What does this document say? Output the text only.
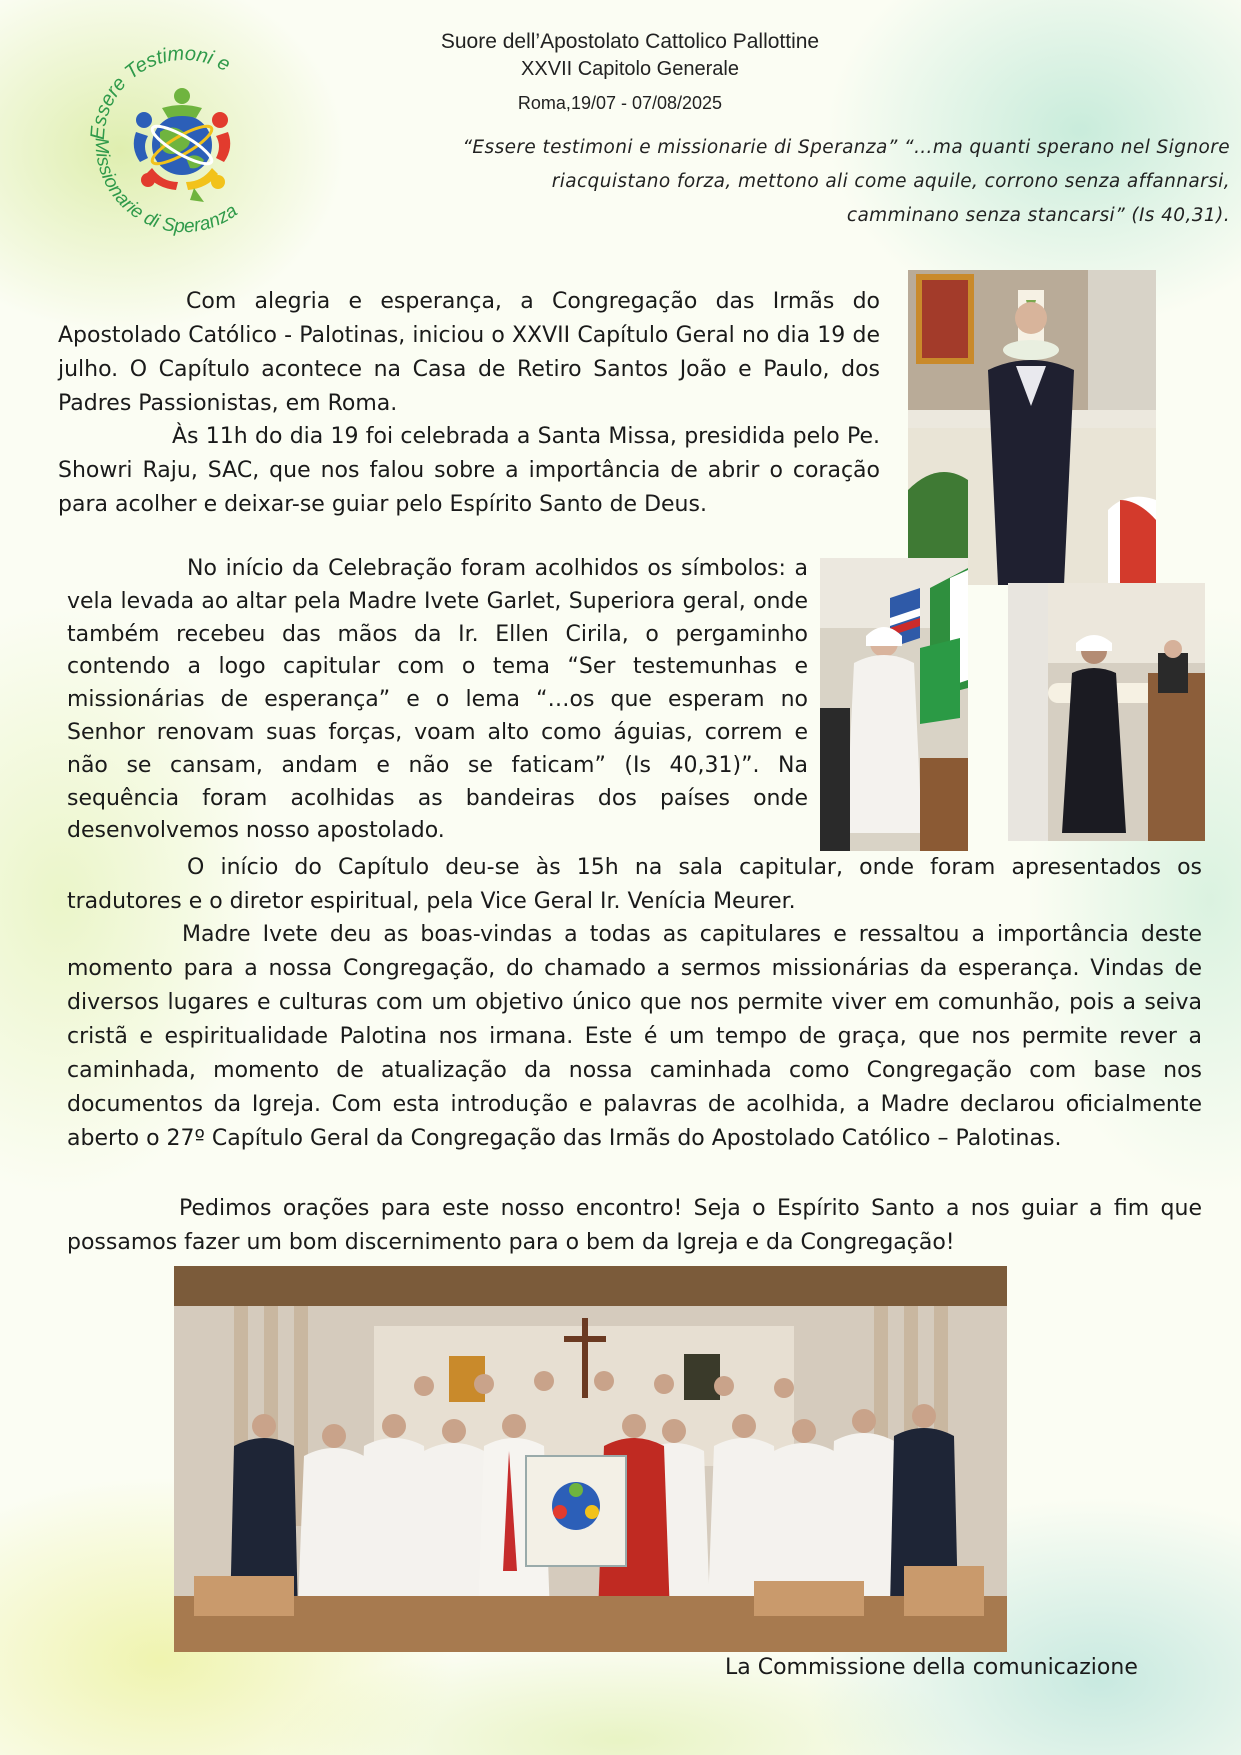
Essere Testimoni e
Missionarie di Speranza
Suore dell’Apostolato Cattolico Pallottine
XXVII Capitolo Generale
Roma,19/07 - 07/08/2025
“Essere testimoni e missionarie di Speranza” “…ma quanti sperano nel Signore
riacquistano forza, mettono ali come aquile, corrono senza affannarsi,
camminano senza stancarsi” (Is 40,31).

Com alegria e esperança, a Congregação das Irmãs do Apostolado Católico - Palotinas, iniciou o XXVII Capítulo Geral no dia 19 de julho. O Capítulo acontece na Casa de Retiro Santos João e Paulo, dos Padres Passionistas, em Roma.

Às 11h do dia 19 foi celebrada a Santa Missa, presidida pelo Pe. Showri Raju, SAC, que nos falou sobre a importância de abrir o coração para acolher e deixar-se guiar pelo Espírito Santo de Deus.

No início da Celebração foram acolhidos os símbolos: a vela levada ao altar pela Madre Ivete Garlet, Superiora geral, onde também recebeu das mãos da Ir. Ellen Cirila, o pergaminho contendo a logo capitular com o tema “Ser testemunhas e missionárias de esperança” e o lema “…os que esperam no Senhor renovam suas forças, voam alto como águias, correm e não se cansam, andam e não se faticam” (Is 40,31)”. Na sequência foram acolhidas as bandeiras dos países onde desenvolvemos nosso apostolado.

O início do Capítulo deu-se às 15h na sala capitular, onde foram apresentados os tradutores e o diretor espiritual, pela Vice Geral Ir. Venícia Meurer.

Madre Ivete deu as boas-vindas a todas as capitulares e ressaltou a importância deste momento para a nossa Congregação, do chamado a sermos missionárias da esperança. Vindas de diversos lugares e culturas com um objetivo único que nos permite viver em comunhão, pois a seiva cristã e espiritualidade Palotina nos irmana. Este é um tempo de graça, que nos permite rever a caminhada, momento de atualização da nossa caminhada como Congregação com base nos documentos da Igreja. Com esta introdução e palavras de acolhida, a Madre declarou oficialmente aberto o 27º Capítulo Geral da Congregação das Irmãs do Apostolado Católico – Palotinas.

Pedimos orações para este nosso encontro! Seja o Espírito Santo a nos guiar a fim que possamos fazer um bom discernimento para o bem da Igreja e da Congregação!

La Commissione della comunicazione
